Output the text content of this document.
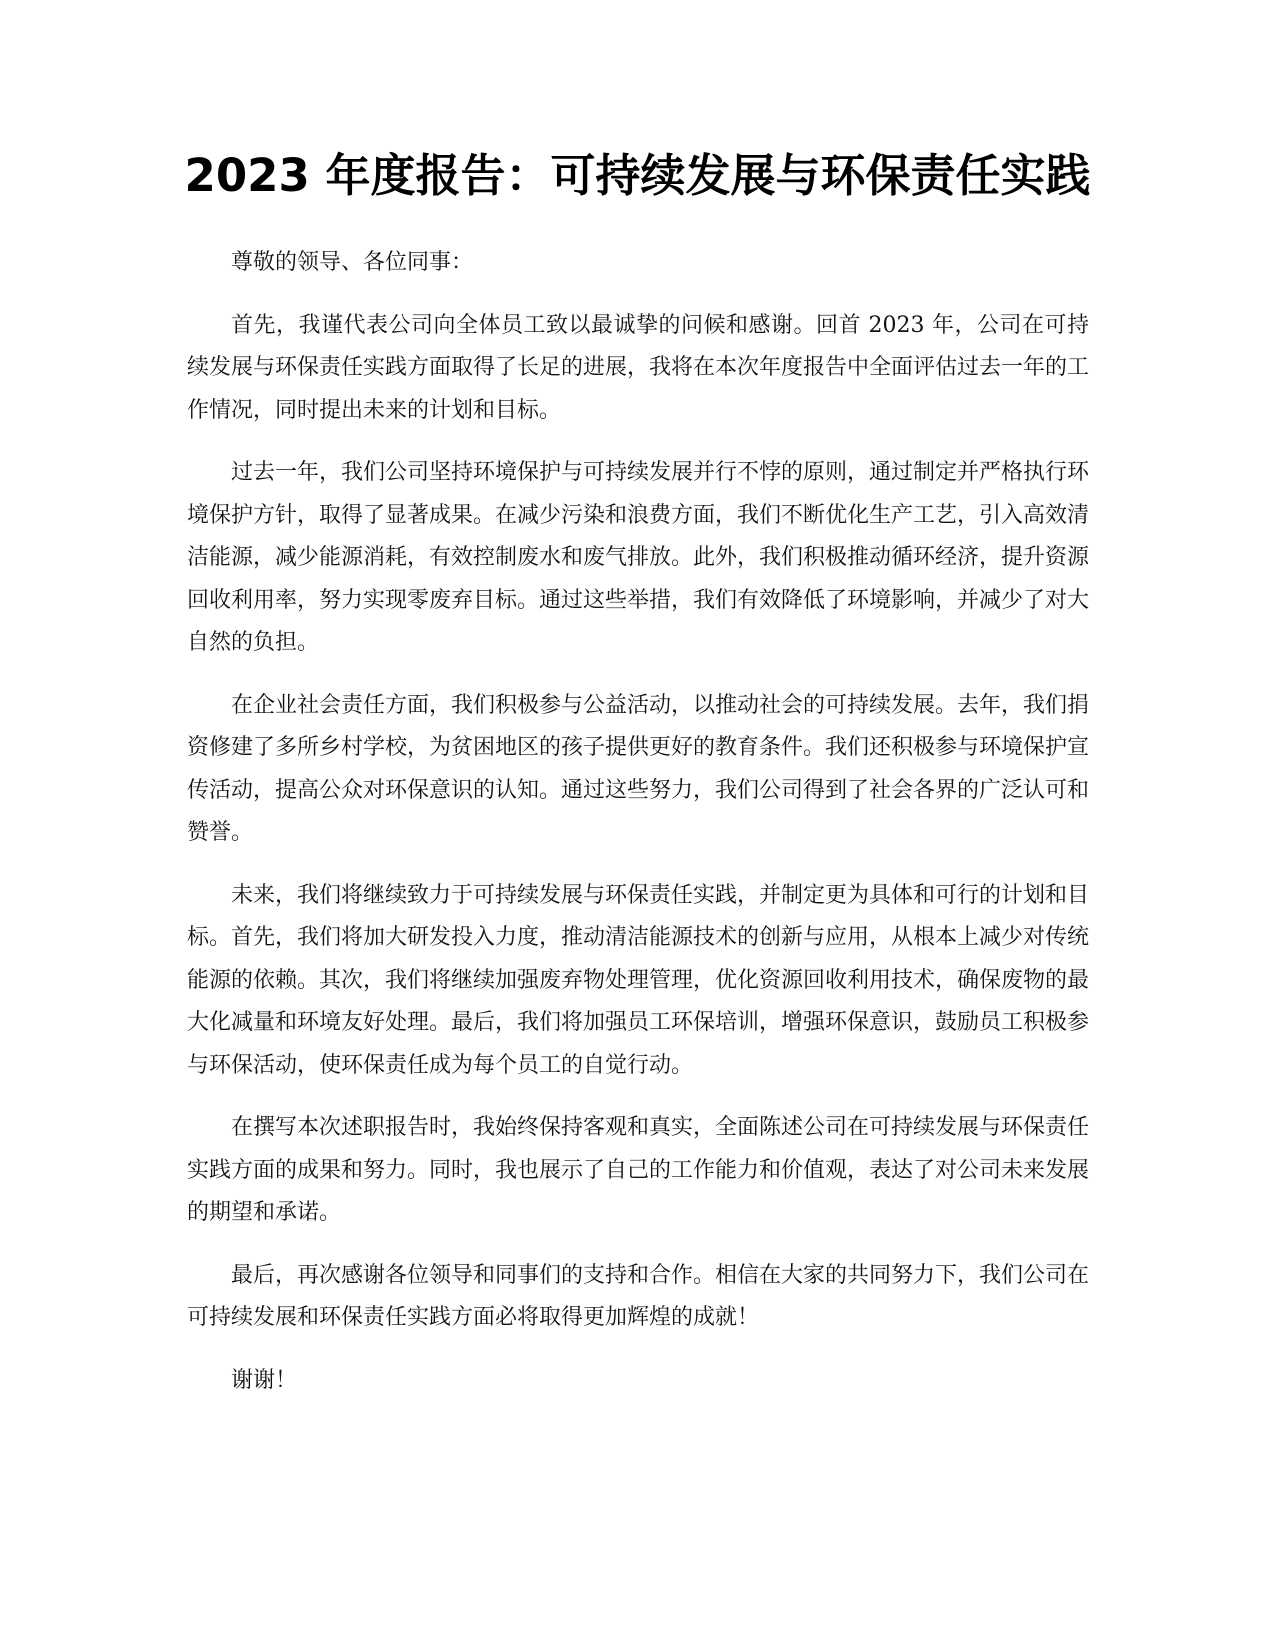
2023 年度报告：可持续发展与环保责任实践

尊敬的领导、各位同事：

首先，我谨代表公司向全体员工致以最诚挚的问候和感谢。回首 2023 年，公司在可持续发展与环保责任实践方面取得了长足的进展，我将在本次年度报告中全面评估过去一年的工作情况，同时提出未来的计划和目标。

过去一年，我们公司坚持环境保护与可持续发展并行不悖的原则，通过制定并严格执行环境保护方针，取得了显著成果。在减少污染和浪费方面，我们不断优化生产工艺，引入高效清洁能源，减少能源消耗，有效控制废水和废气排放。此外，我们积极推动循环经济，提升资源回收利用率，努力实现零废弃目标。通过这些举措，我们有效降低了环境影响，并减少了对大自然的负担。

在企业社会责任方面，我们积极参与公益活动，以推动社会的可持续发展。去年，我们捐资修建了多所乡村学校，为贫困地区的孩子提供更好的教育条件。我们还积极参与环境保护宣传活动，提高公众对环保意识的认知。通过这些努力，我们公司得到了社会各界的广泛认可和赞誉。

未来，我们将继续致力于可持续发展与环保责任实践，并制定更为具体和可行的计划和目标。首先，我们将加大研发投入力度，推动清洁能源技术的创新与应用，从根本上减少对传统能源的依赖。其次，我们将继续加强废弃物处理管理，优化资源回收利用技术，确保废物的最大化减量和环境友好处理。最后，我们将加强员工环保培训，增强环保意识，鼓励员工积极参与环保活动，使环保责任成为每个员工的自觉行动。

在撰写本次述职报告时，我始终保持客观和真实，全面陈述公司在可持续发展与环保责任实践方面的成果和努力。同时，我也展示了自己的工作能力和价值观，表达了对公司未来发展的期望和承诺。

最后，再次感谢各位领导和同事们的支持和合作。相信在大家的共同努力下，我们公司在可持续发展和环保责任实践方面必将取得更加辉煌的成就！

谢谢！
